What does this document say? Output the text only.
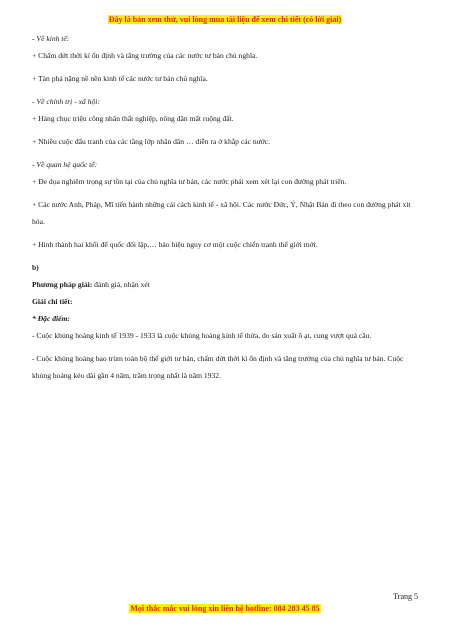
Đây là bản xem thử, vui lòng mua tài liệu để xem chi tiết (có lời giải)
- Về kinh tế:
+ Chấm dứt thời kì ổn định và tăng trưởng của các nước tư bản chủ nghĩa.
+ Tàn phá nặng nề nền kinh tế các nước tư bản chủ nghĩa.
- Về chính trị - xã hội:
+ Hàng chục triệu công nhân thất nghiệp, nông dân mất ruộng đất.
+ Nhiều cuộc đấu tranh của các tầng lớp nhân dân … diễn ra ở khắp các nước.
- Về quan hệ quốc tế:
+ Đe dọa nghiêm trọng sự tồn tại của chủ nghĩa tư bản, các nước phải xem xét lại con đường phát triển.
+ Các nước Anh, Pháp, Mĩ tiến hành những cải cách kinh tế - xã hội. Các nước Đức, Ý, Nhật Bản đi theo con đường phát xít hóa.
+ Hình thành hai khối đế quốc đối lập,… báo hiệu nguy cơ một cuộc chiến tranh thế giới mới.
b)
Phương pháp giải: đánh giá, nhận xét
Giải chi tiết:
* Đặc điểm:
- Cuộc khủng hoảng kinh tế 1939 - 1933 là cuộc khủng hoảng kinh tế thừa, do sản xuất ồ ạt, cung vượt quá cầu.
- Cuộc khủng hoảng bao trùm toàn bộ thế giới tư bản, chấm dứt thời kì ổn định và tăng trưởng của chủ nghĩa tư bản. Cuộc khủng hoảng kéo dài gần 4 năm, trầm trọng nhất là năm 1932.
Trang 5
Mọi thắc mắc vui lòng xin liên hệ hotline: 084 283 45 85
